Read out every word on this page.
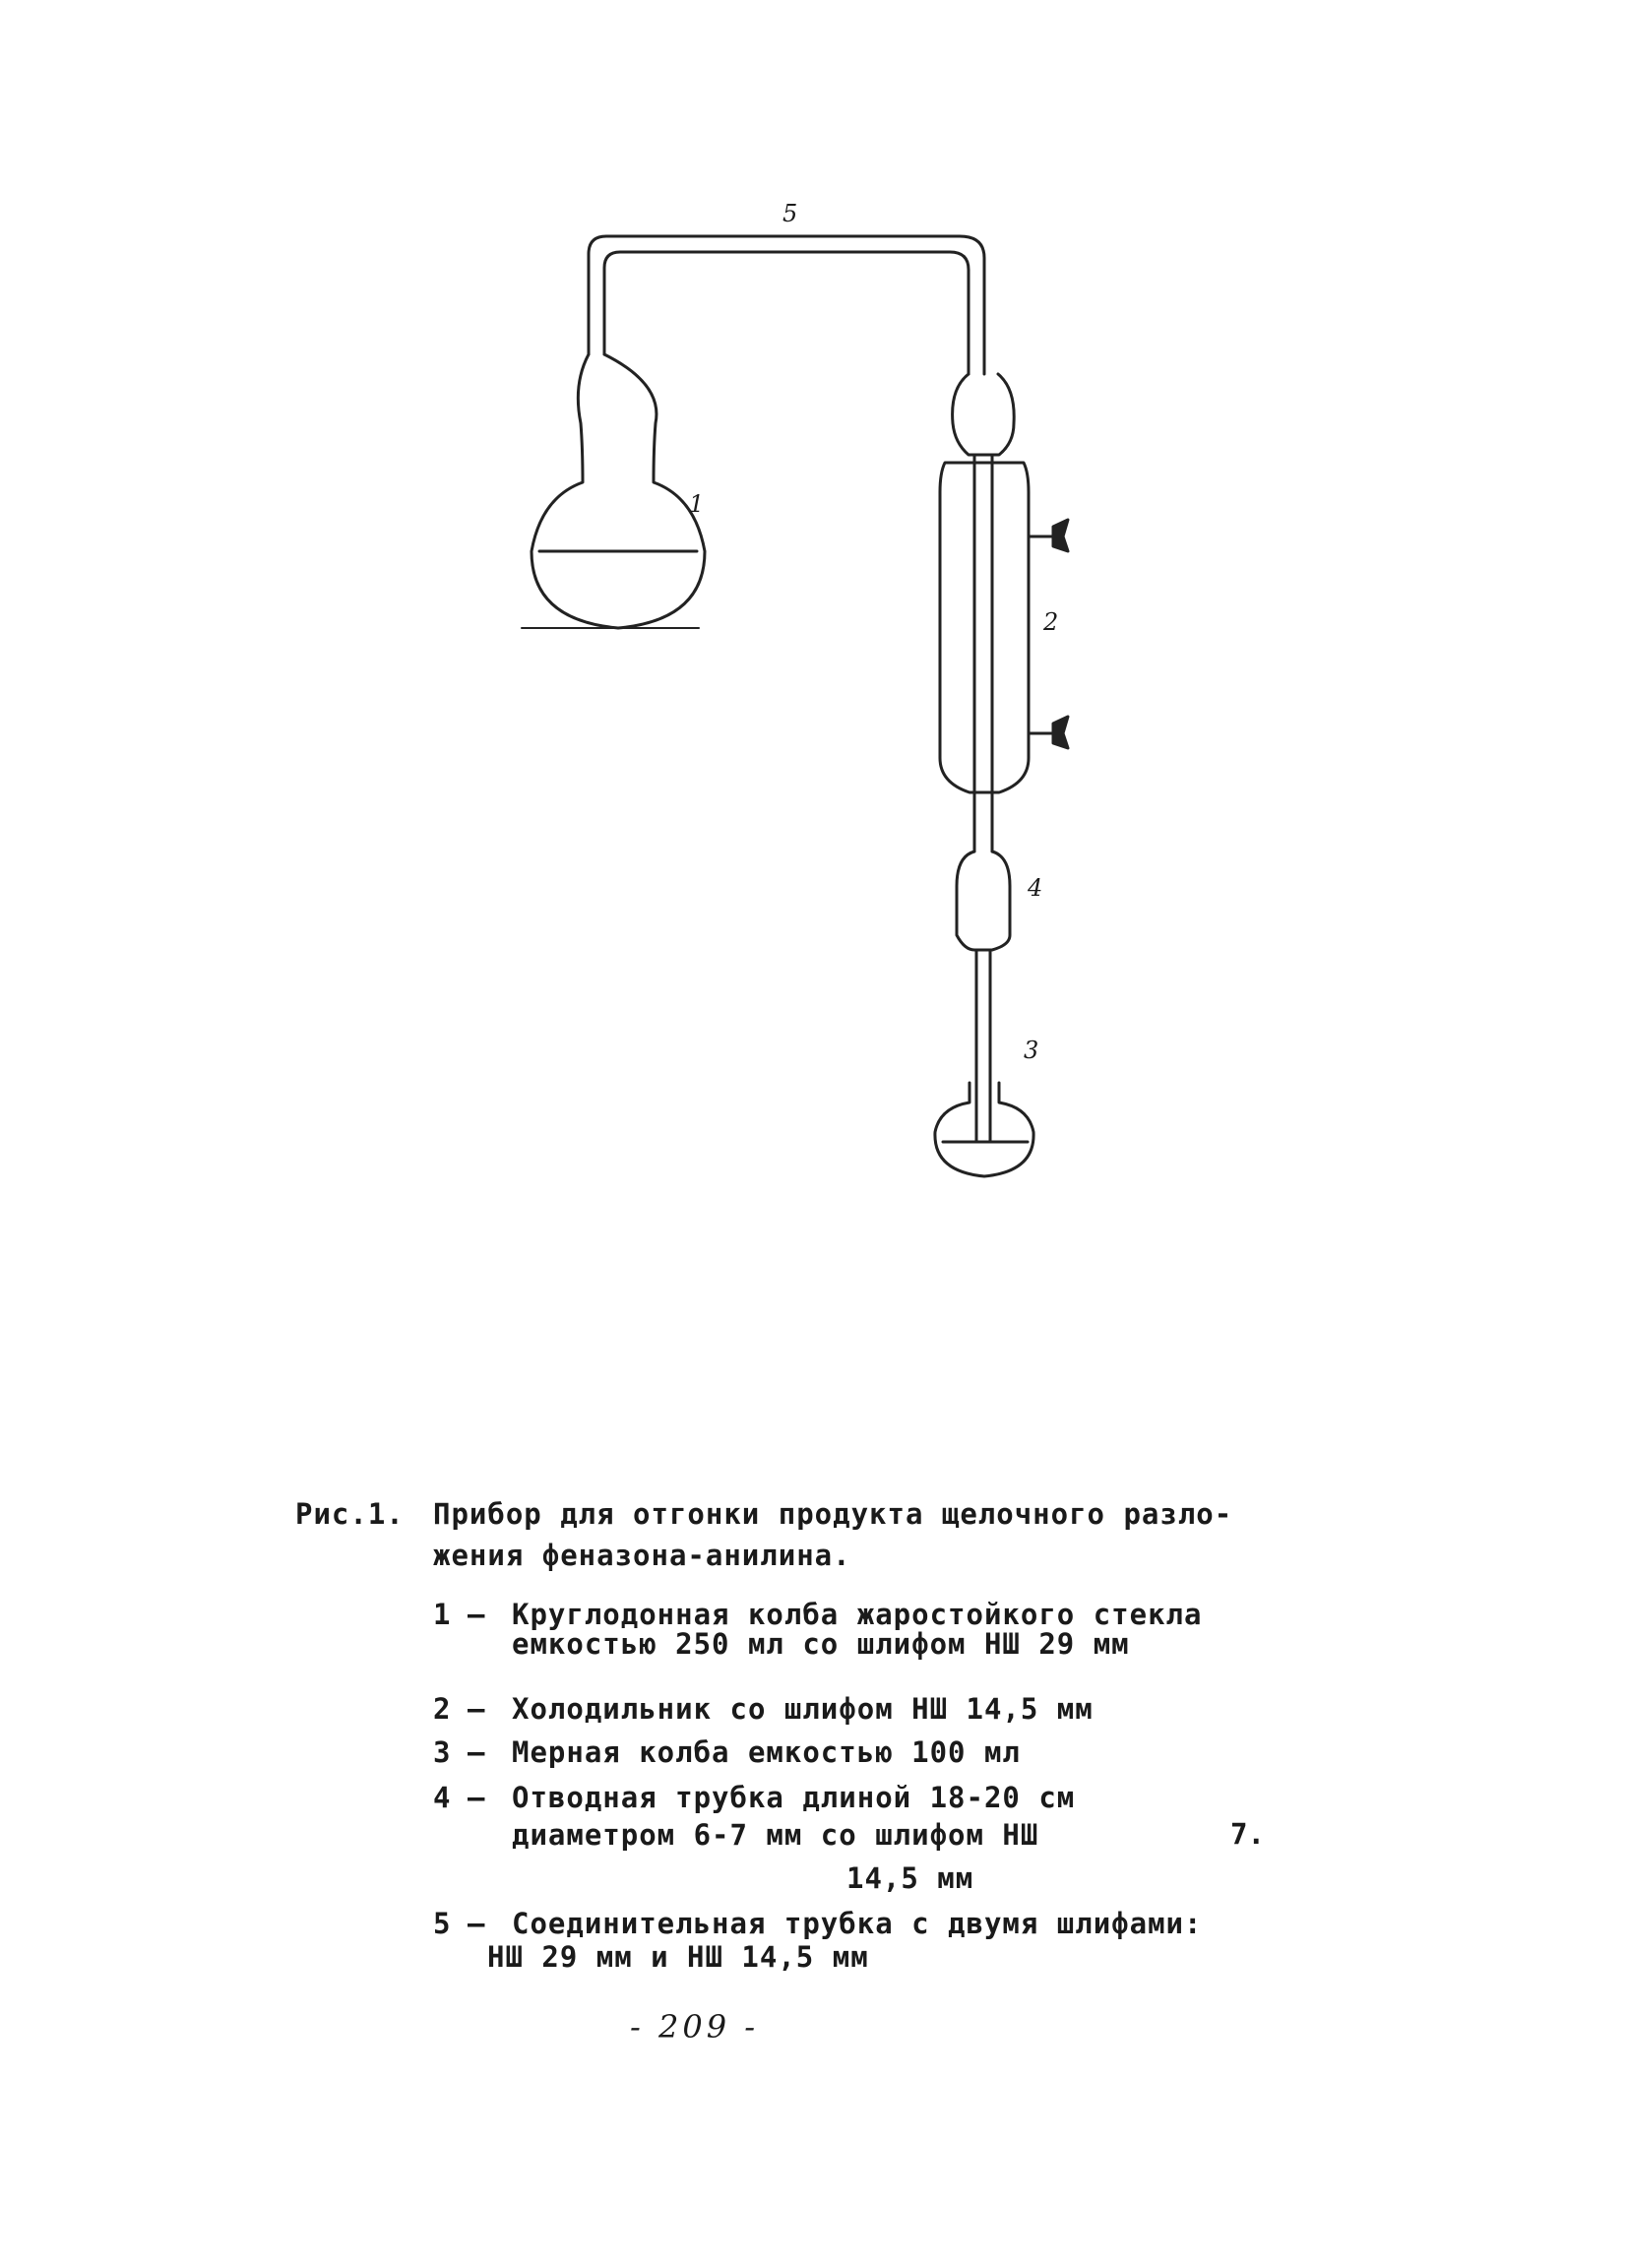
5
1
2
4
3
Рис.1. Прибор для отгонки продукта щелочного разло-
жения феназона-анилина.
1 – Круглодонная колба жаростойкого стекла
емкостью 250 мл со шлифом НШ 29 мм
2 – Холодильник со шлифом НШ 14,5 мм
3 – Мерная колба емкостью 100 мл
4 – Отводная трубка длиной 18-20 см
диаметром 6-7 мм со шлифом НШ
14,5 мм
5 – Соединительная трубка с двумя шлифами:
НШ 29 мм и НШ 14,5 мм
7.
- 209 -
